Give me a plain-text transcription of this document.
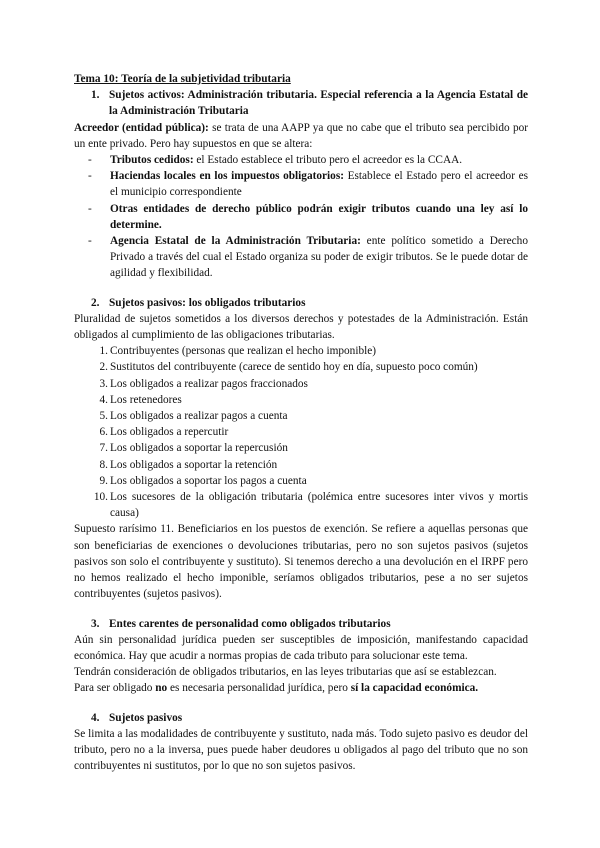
Tema 10: Teoría de la subjetividad tributaria
1. Sujetos activos: Administración tributaria. Especial referencia a la Agencia Estatal de la Administración Tributaria
Acreedor (entidad pública): se trata de una AAPP ya que no cabe que el tributo sea percibido por un ente privado. Pero hay supuestos en que se altera:
-	Tributos cedidos: el Estado establece el tributo pero el acreedor es la CCAA.
-	Haciendas locales en los impuestos obligatorios: Establece el Estado pero el acreedor es el municipio correspondiente
-	Otras entidades de derecho público podrán exigir tributos cuando una ley así lo determine.
-	Agencia Estatal de la Administración Tributaria: ente político sometido a Derecho Privado a través del cual el Estado organiza su poder de exigir tributos. Se le puede dotar de agilidad y flexibilidad.
2. Sujetos pasivos: los obligados tributarios
Pluralidad de sujetos sometidos a los diversos derechos y potestades de la Administración. Están obligados al cumplimiento de las obligaciones tributarias.
1. Contribuyentes (personas que realizan el hecho imponible)
2. Sustitutos del contribuyente (carece de sentido hoy en día, supuesto poco común)
3. Los obligados a realizar pagos fraccionados
4. Los retenedores
5. Los obligados a realizar pagos a cuenta
6. Los obligados a repercutir
7. Los obligados a soportar la repercusión
8. Los obligados a soportar la retención
9. Los obligados a soportar los pagos a cuenta
10. Los sucesores de la obligación tributaria (polémica entre sucesores inter vivos y mortis causa)
Supuesto rarísimo 11. Beneficiarios en los puestos de exención. Se refiere a aquellas personas que son beneficiarias de exenciones o devoluciones tributarias, pero no son sujetos pasivos (sujetos pasivos son solo el contribuyente y sustituto). Si tenemos derecho a una devolución en el IRPF pero no hemos realizado el hecho imponible, seríamos obligados tributarios, pese a no ser sujetos contribuyentes (sujetos pasivos).
3. Entes carentes de personalidad como obligados tributarios
Aún sin personalidad jurídica pueden ser susceptibles de imposición, manifestando capacidad económica. Hay que acudir a normas propias de cada tributo para solucionar este tema.
Tendrán consideración de obligados tributarios, en las leyes tributarias que así se establezcan.
Para ser obligado no es necesaria personalidad jurídica, pero sí la capacidad económica.
4. Sujetos pasivos
Se limita a las modalidades de contribuyente y sustituto, nada más. Todo sujeto pasivo es deudor del tributo, pero no a la inversa, pues puede haber deudores u obligados al pago del tributo que no son contribuyentes ni sustitutos, por lo que no son sujetos pasivos.
